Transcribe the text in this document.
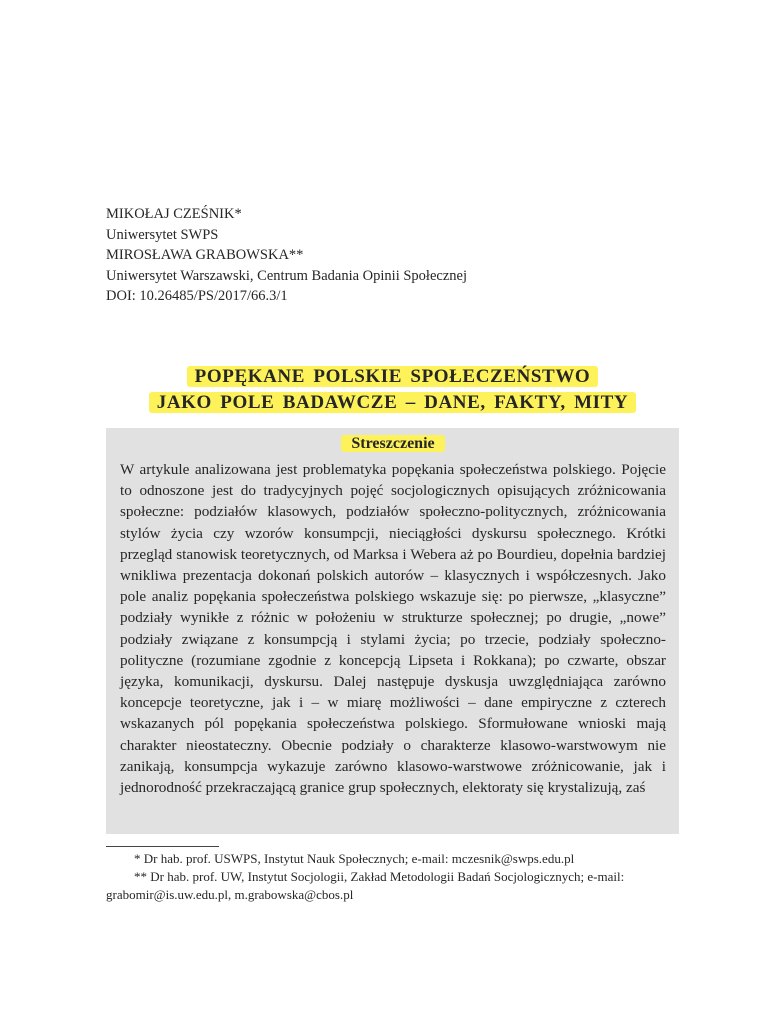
MIKOŁAJ CZEŚNIK*
Uniwersytet SWPS
MIROSŁAWA GRABOWSKA**
Uniwersytet Warszawski, Centrum Badania Opinii Społecznej
DOI: 10.26485/PS/2017/66.3/1
POPĘKANE POLSKIE SPOŁECZEŃSTWO
JAKO POLE BADAWCZE – DANE, FAKTY, MITY
Streszczenie

W artykule analizowana jest problematyka popękania społeczeństwa polskiego. Pojęcie to odnoszone jest do tradycyjnych pojęć socjologicznych opisujących zróżnicowania społeczne: podziałów klasowych, podziałów społeczno-politycznych, zróżnicowania stylów życia czy wzorów konsumpcji, nieciągłości dyskursu społecznego. Krótki przegląd stanowisk teoretycznych, od Marksa i Webera aż po Bourdieu, dopełnia bardziej wnikliwa prezentacja dokonań polskich autorów – klasycznych i współczesnych. Jako pole analiz popękania społeczeństwa polskiego wskazuje się: po pierwsze, „klasyczne” podziały wynikłe z różnic w położeniu w strukturze społecznej; po drugie, „nowe” podziały związane z konsumpcją i stylami życia; po trzecie, podziały społeczno-polityczne (rozumiane zgodnie z koncepcją Lipseta i Rokkana); po czwarte, obszar języka, komunikacji, dyskursu. Dalej następuje dyskusja uwzględniająca zarówno koncepcje teoretyczne, jak i – w miarę możliwości – dane empiryczne z czterech wskazanych pól popękania społeczeństwa polskiego. Sformułowane wnioski mają charakter nieostateczny. Obecnie podziały o charakterze klasowo-warstwowym nie zanikają, konsumpcja wykazuje zarówno klasowo-warstwowe zróżnicowanie, jak i jednorodność przekraczającą granice grup społecznych, elektoraty się krystalizują, zaś

* Dr hab. prof. USWPS, Instytut Nauk Społecznych; e-mail: mczesnik@swps.edu.pl
** Dr hab. prof. UW, Instytut Socjologii, Zakład Metodologii Badań Socjologicznych; e-mail: grabomir@is.uw.edu.pl, m.grabowska@cbos.pl
